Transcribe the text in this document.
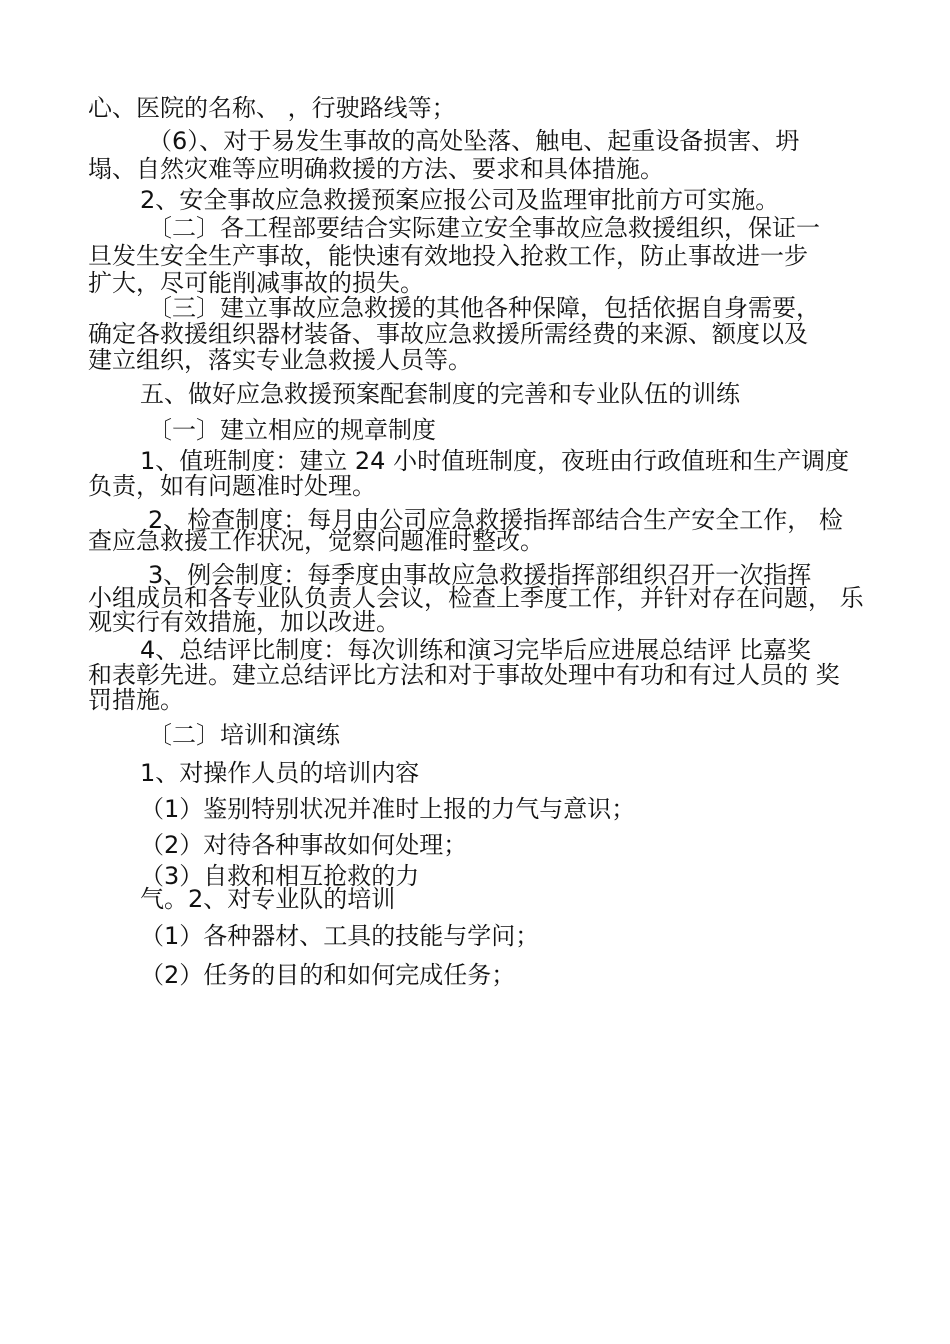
心、医院的名称、 ，行驶路线等；

（6）、对于易发生事故的高处坠落、触电、起重设备损害、坍

塌、自然灾难等应明确救援的方法、要求和具体措施。

2、安全事故应急救援预案应报公司及监理审批前方可实施。

〔二〕各工程部要结合实际建立安全事故应急救援组织，保证一

旦发生安全生产事故，能快速有效地投入抢救工作，防止事故进一步

扩大，尽可能削减事故的损失。

〔三〕建立事故应急救援的其他各种保障，包括依据自身需要，

确定各救援组织器材装备、事故应急救援所需经费的来源、额度以及

建立组织，落实专业急救援人员等。

五、做好应急救援预案配套制度的完善和专业队伍的训练

〔一〕建立相应的规章制度

1、值班制度：建立 24 小时值班制度，夜班由行政值班和生产调度

负责，如有问题准时处理。

2、检查制度：每月由公司应急救援指挥部结合生产安全工作， 检

查应急救援工作状况，觉察问题准时整改。

3、例会制度：每季度由事故应急救援指挥部组织召开一次指挥

小组成员和各专业队负责人会议，检查上季度工作，并针对存在问题， 乐

观实行有效措施，加以改进。

4、总结评比制度：每次训练和演习完毕后应进展总结评 比嘉奖

和表彰先进。建立总结评比方法和对于事故处理中有功和有过人员的 奖

罚措施。

〔二〕培训和演练

1、对操作人员的培训内容

（1）鉴别特别状况并准时上报的力气与意识；

（2）对待各种事故如何处理；

（3）自救和相互抢救的力

气。2、对专业队的培训

（1）各种器材、工具的技能与学问；

（2）任务的目的和如何完成任务；
